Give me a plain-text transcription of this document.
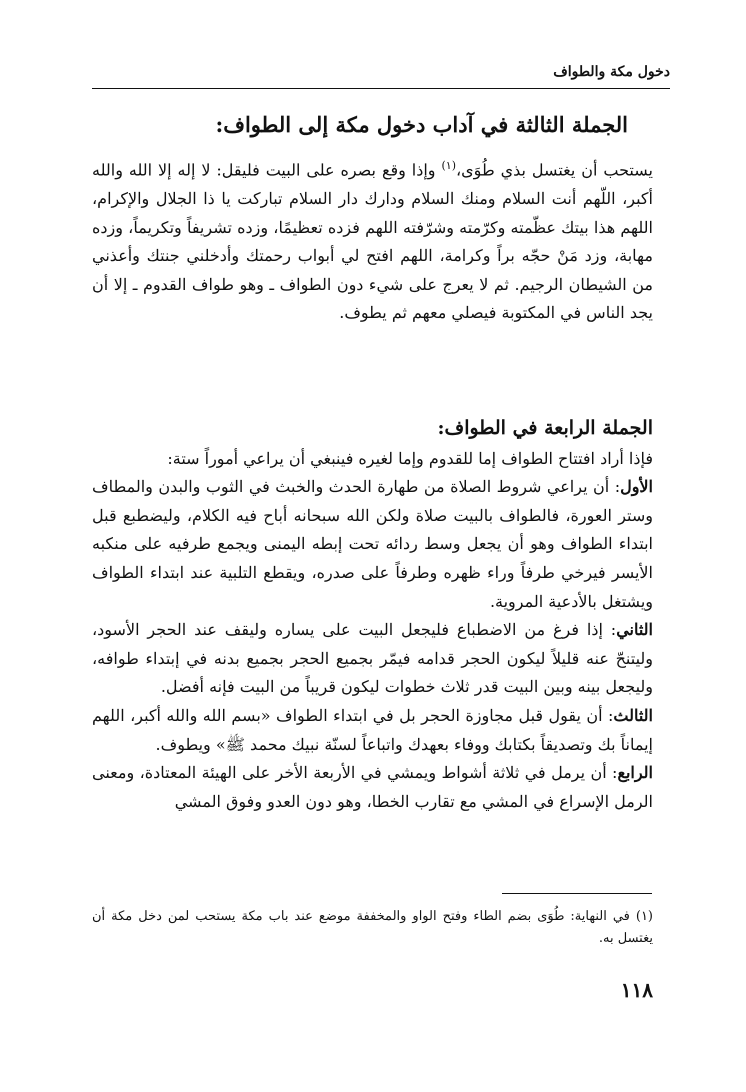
دخول مكة والطواف
الجملة الثالثة في آداب دخول مكة إلى الطواف:

يستحب أن يغتسل بذي طُوَى،$^{(١)}$ وإذا وقع بصره على البيت فليقل: لا إله إلا الله والله أكبر، اللّهم أنت السلام ومنك السلام ودارك دار السلام تباركت يا ذا الجلال والإكرام، اللهم هذا بيتك عظّمته وكرّمته وشرّفته اللهم فزده تعظيمًا، وزده تشريفاً وتكريماً، وزده مهابة، وزد مَنْ حجّه براً وكرامة، اللهم افتح لي أبواب رحمتك وأدخلني جنتك وأعذني من الشيطان الرجيم. ثم لا يعرج على شيء دون الطواف ـ وهو طواف القدوم ـ إلا أن يجد الناس في المكتوبة فيصلي معهم ثم يطوف.

الجملة الرابعة في الطواف:

فإذا أراد افتتاح الطواف إما للقدوم وإما لغيره فينبغي أن يراعي أموراً ستة:

الأول: أن يراعي شروط الصلاة من طهارة الحدث والخبث في الثوب والبدن والمطاف وستر العورة، فالطواف بالبيت صلاة ولكن الله سبحانه أباح فيه الكلام، وليضطبع قبل ابتداء الطواف وهو أن يجعل وسط ردائه تحت إبطه اليمنى ويجمع طرفيه على منكبه الأيسر فيرخي طرفاً وراء ظهره وطرفاً على صدره، ويقطع التلبية عند ابتداء الطواف ويشتغل بالأدعية المروية.

الثاني: إذا فرغ من الاضطباع فليجعل البيت على يساره وليقف عند الحجر الأسود، وليتنحّ عنه قليلاً ليكون الحجر قدامه فيمّر بجميع الحجر بجميع بدنه في إبتداء طوافه، وليجعل بينه وبين البيت قدر ثلاث خطوات ليكون قريباً من البيت فإنه أفضل.

الثالث: أن يقول قبل مجاوزة الحجر بل في ابتداء الطواف «بسم الله والله أكبر، اللهم إيماناً بك وتصديقاً بكتابك ووفاء بعهدك واتباعاً لسنّة نبيك محمد ﷺ» ويطوف.

الرابع: أن يرمل في ثلاثة أشواط ويمشي في الأربعة الأخر على الهيئة المعتادة، ومعنى الرمل الإسراع في المشي مع تقارب الخطا، وهو دون العدو وفوق المشي

(١) في النهاية: طُوَى بضم الطاء وفتح الواو والمخففة موضع عند باب مكة يستحب لمن دخل مكة أن يغتسل به.
١١٨
